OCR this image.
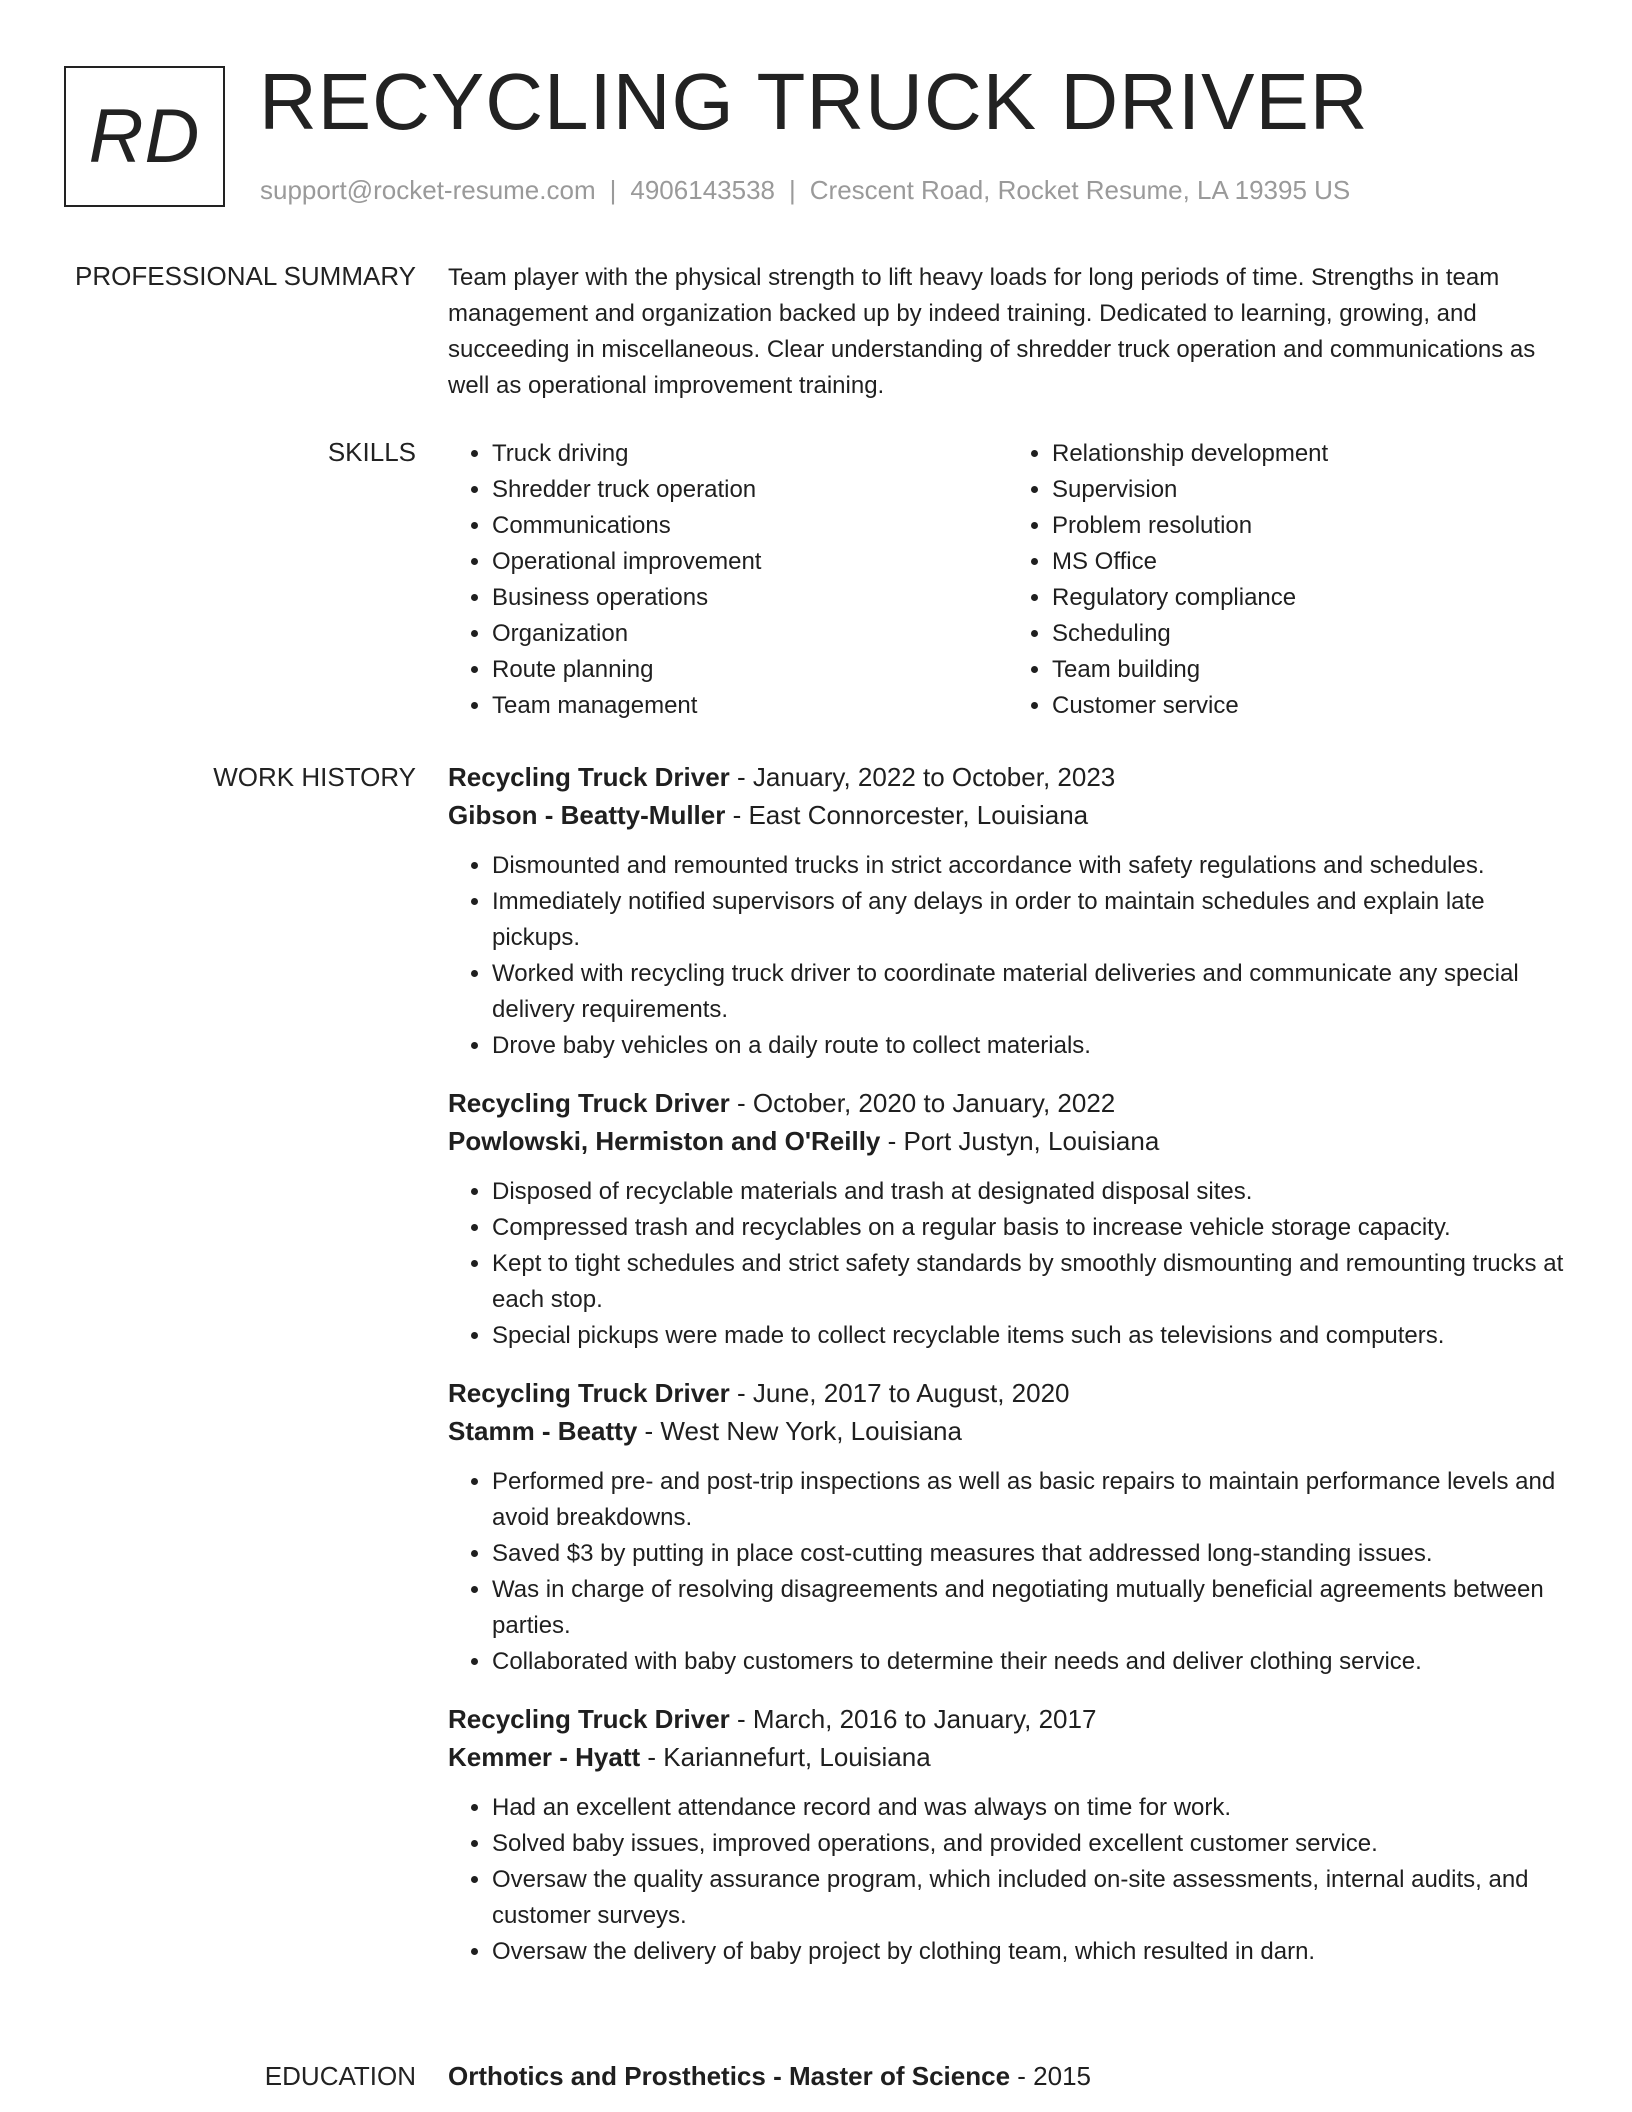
RD RECYCLING TRUCK DRIVER
support@rocket-resume.com | 4906143538 | Crescent Road, Rocket Resume, LA 19395 US
PROFESSIONAL SUMMARY Team player with the physical strength to lift heavy loads for long periods of time. Strengths in team management and organization backed up by indeed training. Dedicated to learning, growing, and succeeding in miscellaneous. Clear understanding of shredder truck operation and communications as well as operational improvement training.

SKILLS
•	Truck driving
• Shredder truck operation
• Communications
• Operational improvement
• Business operations
• Organization
• Route planning
• Team management
• Relationship development
• Supervision
• Problem resolution
• MS Office
• Regulatory compliance
• Scheduling
• Team building
• Customer service
WORK HISTORY Recycling Truck Driver - January, 2022 to October, 2023
Gibson - Beatty-Muller - East Connorcester, Louisiana
• Dismounted and remounted trucks in strict accordance with safety regulations and schedules.
• Immediately notified supervisors of any delays in order to maintain schedules and explain late pickups.
• Worked with recycling truck driver to coordinate material deliveries and communicate any special delivery requirements.
• Drove baby vehicles on a daily route to collect materials.
Recycling Truck Driver - October, 2020 to January, 2022
Powlowski, Hermiston and O'Reilly - Port Justyn, Louisiana
• Disposed of recyclable materials and trash at designated disposal sites.
• Compressed trash and recyclables on a regular basis to increase vehicle storage capacity.
• Kept to tight schedules and strict safety standards by smoothly dismounting and remounting trucks at each stop.
• Special pickups were made to collect recyclable items such as televisions and computers.
Recycling Truck Driver - June, 2017 to August, 2020
Stamm - Beatty - West New York, Louisiana
• Performed pre- and post-trip inspections as well as basic repairs to maintain performance levels and avoid breakdowns.
• Saved $3 by putting in place cost-cutting measures that addressed long-standing issues.
• Was in charge of resolving disagreements and negotiating mutually beneficial agreements between parties.
• Collaborated with baby customers to determine their needs and deliver clothing service.
Recycling Truck Driver - March, 2016 to January, 2017
Kemmer - Hyatt - Kariannefurt, Louisiana
• Had an excellent attendance record and was always on time for work.
• Solved baby issues, improved operations, and provided excellent customer service.
• Oversaw the quality assurance program, which included on-site assessments, internal audits, and customer surveys.
• Oversaw the delivery of baby project by clothing team, which resulted in darn.
EDUCATION Orthotics and Prosthetics - Master of Science - 2015
